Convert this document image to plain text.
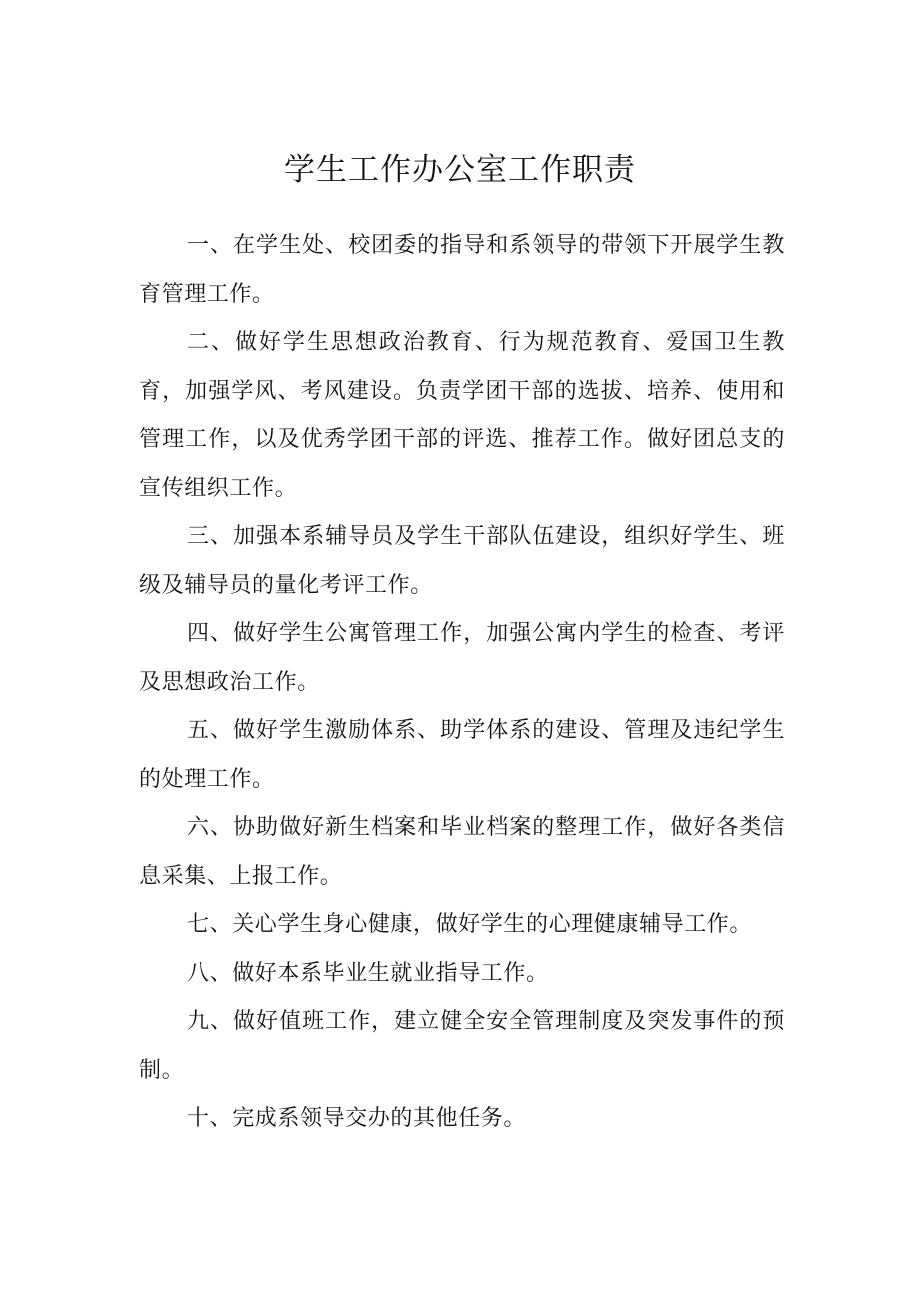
学生工作办公室工作职责

一、在学生处、校团委的指导和系领导的带领下开展学生教育管理工作。

二、做好学生思想政治教育、行为规范教育、爱国卫生教育，加强学风、考风建设。负责学团干部的选拔、培养、使用和管理工作，以及优秀学团干部的评选、推荐工作。做好团总支的宣传组织工作。

三、加强本系辅导员及学生干部队伍建设，组织好学生、班级及辅导员的量化考评工作。

四、做好学生公寓管理工作，加强公寓内学生的检查、考评及思想政治工作。

五、做好学生激励体系、助学体系的建设、管理及违纪学生的处理工作。

六、协助做好新生档案和毕业档案的整理工作，做好各类信息采集、上报工作。

七、关心学生身心健康，做好学生的心理健康辅导工作。

八、做好本系毕业生就业指导工作。

九、做好值班工作，建立健全安全管理制度及突发事件的预制。

十、完成系领导交办的其他任务。
